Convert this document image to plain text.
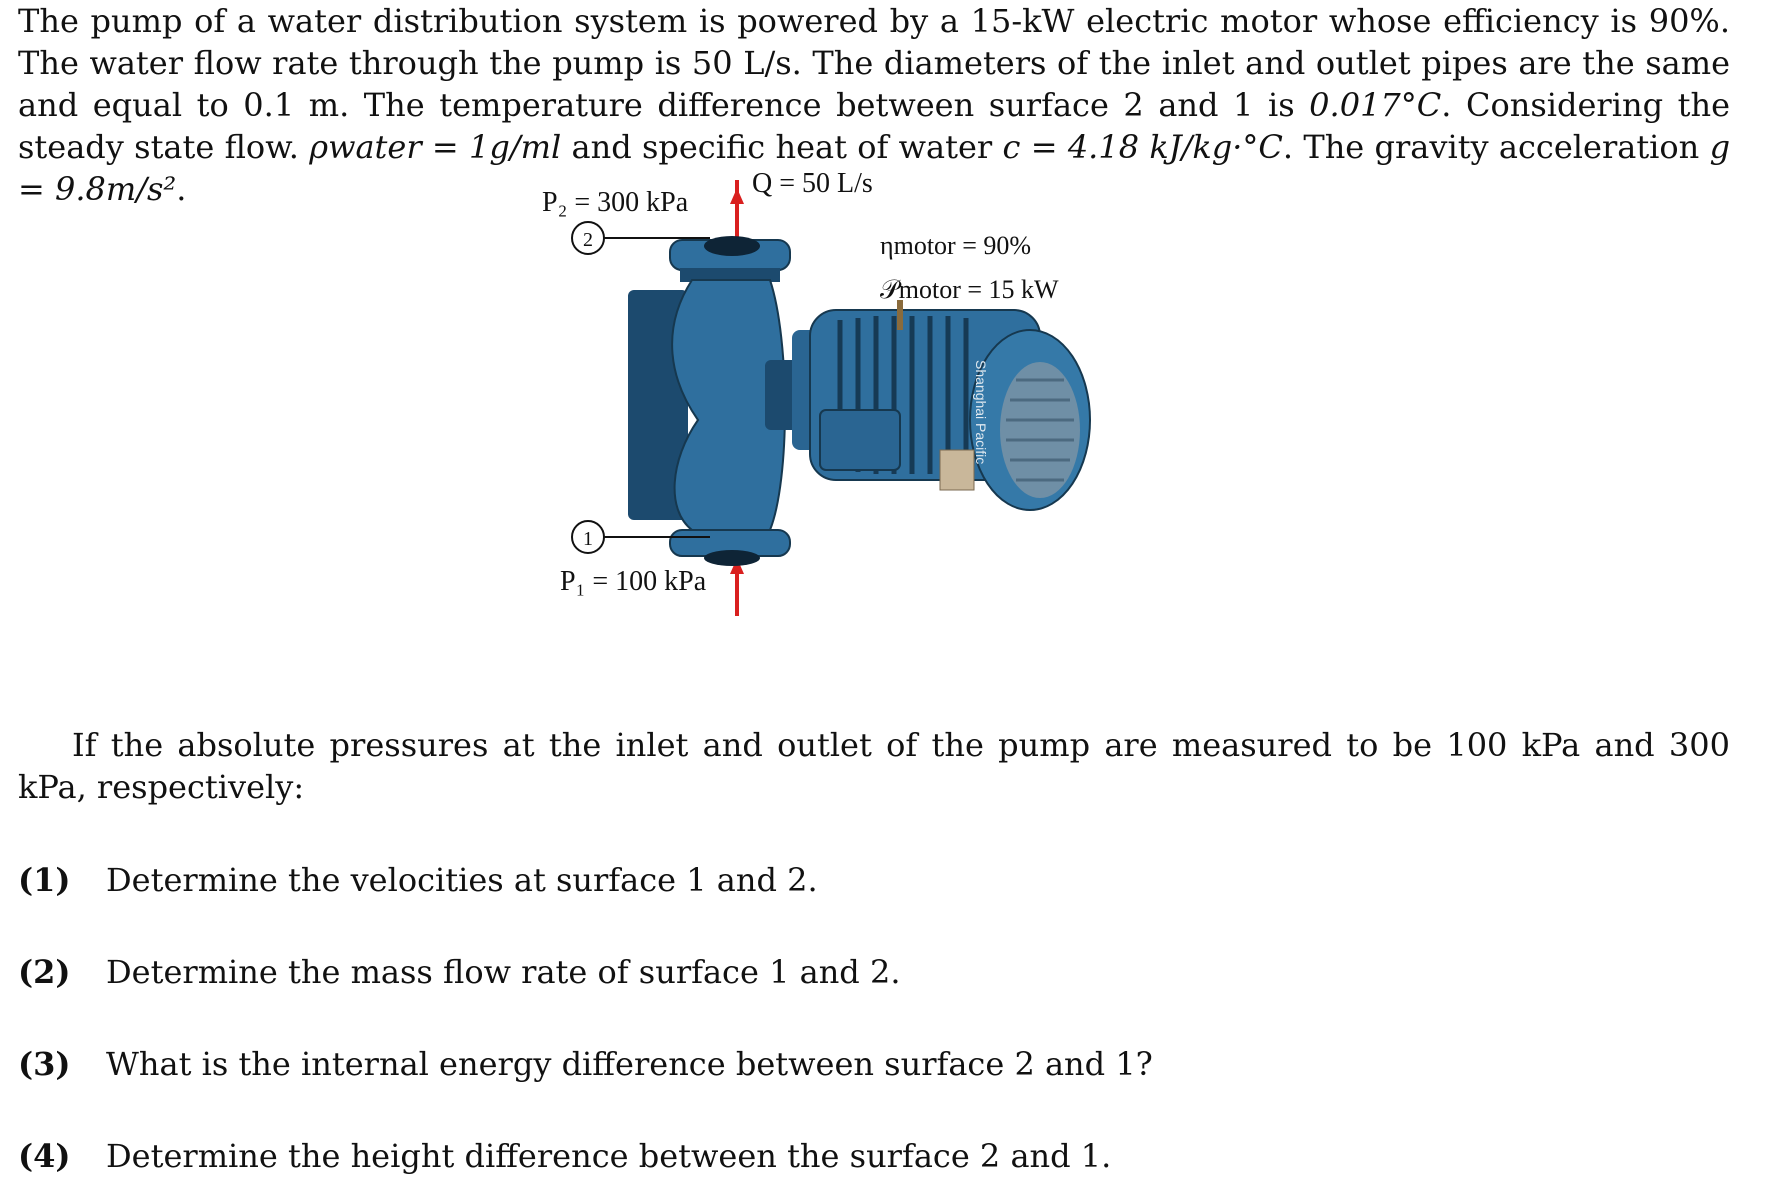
The pump of a water distribution system is powered by a 15-kW electric motor whose efficiency is 90%. The water flow rate through the pump is 50 L/s. The diameters of the inlet and outlet pipes are the same and equal to 0.1 m. The temperature difference between surface 2 and 1 is 0.017°C. Considering the steady state flow. ρwater = 1g/ml and specific heat of water c = 4.18 kJ/kg·°C. The gravity acceleration g = 9.8m/s².
Shanghai Pacific
2
1
P₂ = 300 kPa
Q = 50 L/s
P₁ = 100 kPa
ηmotor = 90%
𝒫motor = 15 kW
If the absolute pressures at the inlet and outlet of the pump are measured to be 100 kPa and 300 kPa, respectively:
(1) Determine the velocities at surface 1 and 2.
(2) Determine the mass flow rate of surface 1 and 2.
(3) What is the internal energy difference between surface 2 and 1?
(4) Determine the height difference between the surface 2 and 1.
